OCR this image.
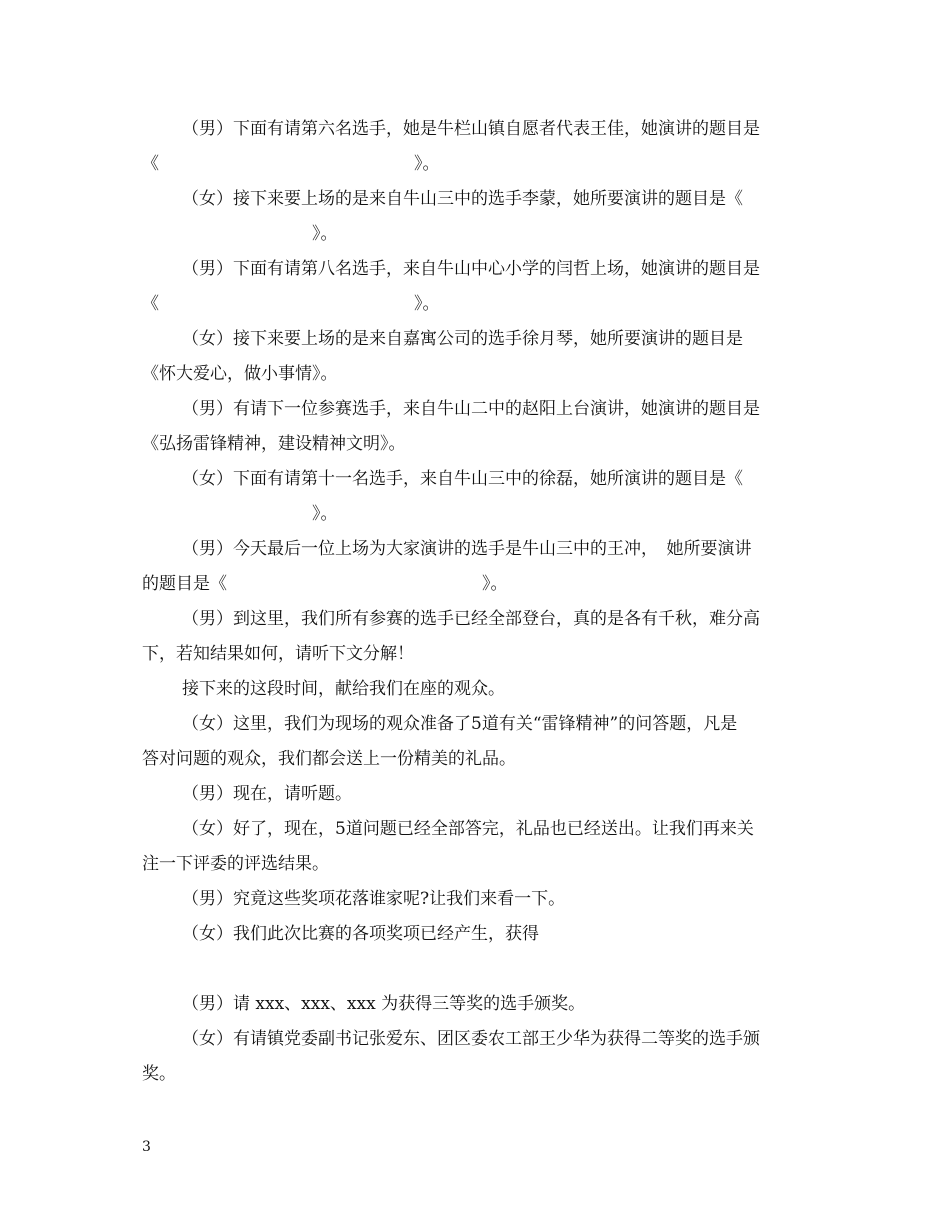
（男）下面有请第六名选手，她是牛栏山镇自愿者代表王佳，她演讲的题目是
《　　　　　　　　　　　　　　　》。

（女）接下来要上场的是来自牛山三中的选手李蒙，她所要演讲的题目是《
　　　　　　　　　　》。

（男）下面有请第八名选手，来自牛山中心小学的闫哲上场，她演讲的题目是
《　　　　　　　　　　　　　　　》。

（女）接下来要上场的是来自嘉寓公司的选手徐月琴，她所要演讲的题目是
《怀大爱心，做小事情》。

（男）有请下一位参赛选手，来自牛山二中的赵阳上台演讲，她演讲的题目是
《弘扬雷锋精神，建设精神文明》。

（女）下面有请第十一名选手，来自牛山三中的徐磊，她所演讲的题目是《
　　　　　　　　　　》。

（男）今天最后一位上场为大家演讲的选手是牛山三中的王冲，　她所要演讲
的题目是《　　　　　　　　　　　　　　　》。

（男）到这里，我们所有参赛的选手已经全部登台，真的是各有千秋，难分高
下，若知结果如何，请听下文分解！

接下来的这段时间，献给我们在座的观众。

（女）这里，我们为现场的观众准备了5道有关“雷锋精神”的问答题，凡是
答对问题的观众，我们都会送上一份精美的礼品。

（男）现在，请听题。

（女）好了，现在，5道问题已经全部答完，礼品也已经送出。让我们再来关
注一下评委的评选结果。

（男）究竟这些奖项花落谁家呢?让我们来看一下。

（女）我们此次比赛的各项奖项已经产生，获得

（男）请 xxx、xxx、xxx 为获得三等奖的选手颁奖。

（女）有请镇党委副书记张爱东、团区委农工部王少华为获得二等奖的选手颁
奖。

3
